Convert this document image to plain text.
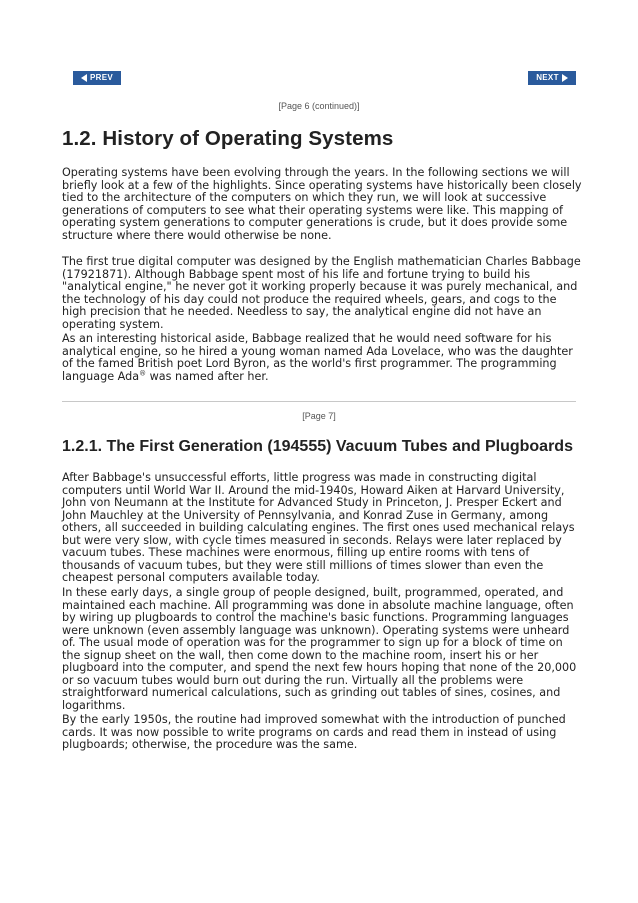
PREV	NEXT
[Page 6 (continued)]
1.2. History of Operating Systems

Operating systems have been evolving through the years. In the following sections we will briefly look at a few of the highlights. Since operating systems have historically been closely tied to the architecture of the computers on which they run, we will look at successive generations of computers to see what their operating systems were like. This mapping of operating system generations to computer generations is crude, but it does provide some structure where there would otherwise be none.

The first true digital computer was designed by the English mathematician Charles Babbage (17921871). Although Babbage spent most of his life and fortune trying to build his "analytical engine," he never got it working properly because it was purely mechanical, and the technology of his day could not produce the required wheels, gears, and cogs to the high precision that he needed. Needless to say, the analytical engine did not have an operating system.

As an interesting historical aside, Babbage realized that he would need software for his analytical engine, so he hired a young woman named Ada Lovelace, who was the daughter of the famed British poet Lord Byron, as the world's first programmer. The programming language Ada® was named after her.

[Page 7]
1.2.1. The First Generation (194555) Vacuum Tubes and Plugboards

After Babbage's unsuccessful efforts, little progress was made in constructing digital computers until World War II. Around the mid-1940s, Howard Aiken at Harvard University, John von Neumann at the Institute for Advanced Study in Princeton, J. Presper Eckert and John Mauchley at the University of Pennsylvania, and Konrad Zuse in Germany, among others, all succeeded in building calculating engines. The first ones used mechanical relays but were very slow, with cycle times measured in seconds. Relays were later replaced by vacuum tubes. These machines were enormous, filling up entire rooms with tens of thousands of vacuum tubes, but they were still millions of times slower than even the cheapest personal computers available today.

In these early days, a single group of people designed, built, programmed, operated, and maintained each machine. All programming was done in absolute machine language, often by wiring up plugboards to control the machine's basic functions. Programming languages were unknown (even assembly language was unknown). Operating systems were unheard of. The usual mode of operation was for the programmer to sign up for a block of time on the signup sheet on the wall, then come down to the machine room, insert his or her plugboard into the computer, and spend the next few hours hoping that none of the 20,000 or so vacuum tubes would burn out during the run. Virtually all the problems were straightforward numerical calculations, such as grinding out tables of sines, cosines, and logarithms.

By the early 1950s, the routine had improved somewhat with the introduction of punched cards. It was now possible to write programs on cards and read them in instead of using plugboards; otherwise, the procedure was the same.
